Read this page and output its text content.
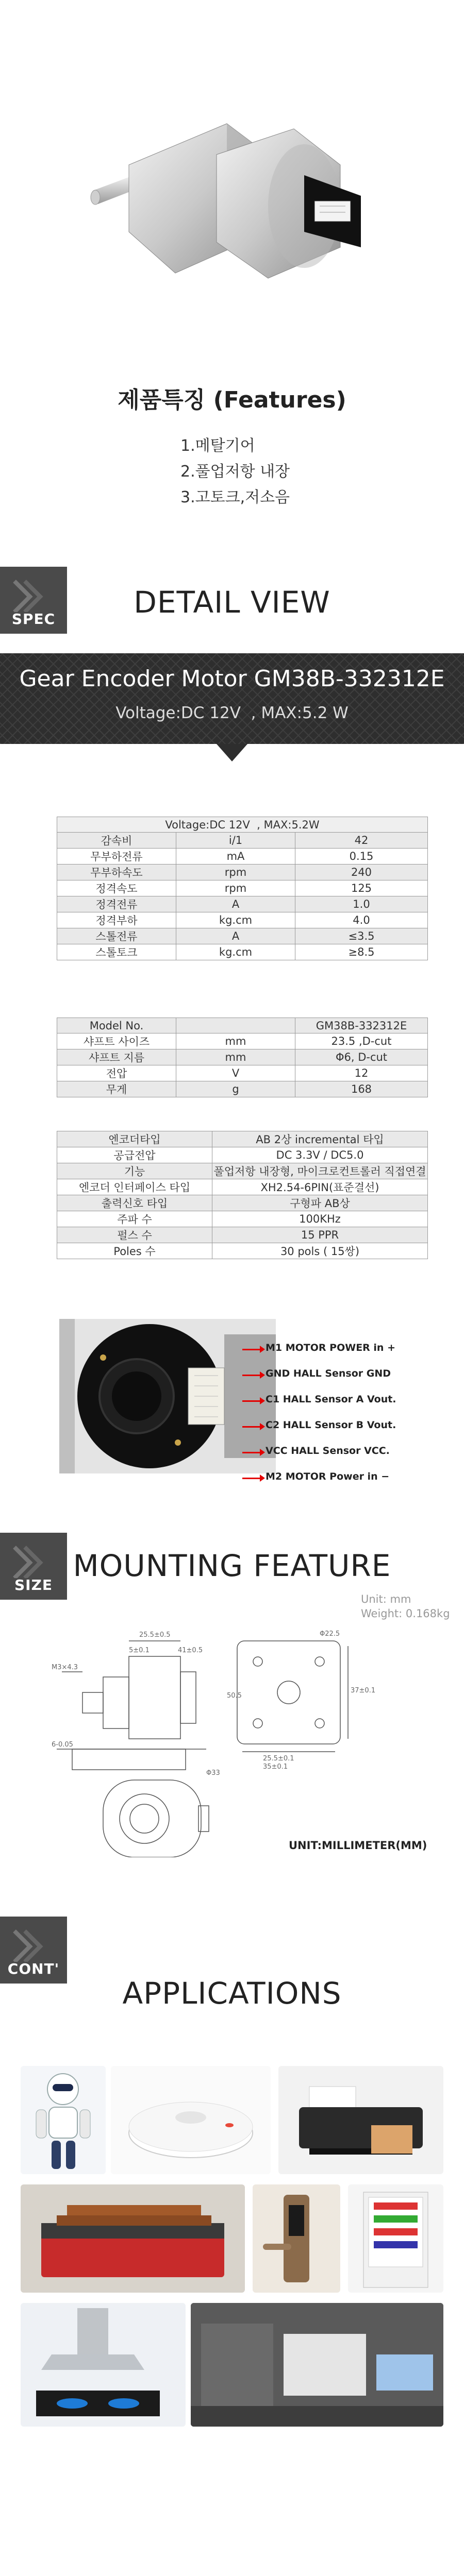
제품특징 (Features)
1.메탈기어
2.풀업저항 내장
3.고토크,저소음
SPEC	DETAIL VIEW
Gear Encoder Motor GM38B-332312E
Voltage:DC 12V  , MAX:5.2 W
Voltage:DC 12V  , MAX:5.2W		
감속비	i/1	42
무부하전류	mA	0.15
무부하속도	rpm	240
정격속도	rpm	125
정격전류	A	1.0
정격부하	kg.cm	4.0
스톨전류	A	≤3.5
스톨토크	kg.cm	≥8.5
Model No.		GM38B-332312E
샤프트 사이즈	mm	23.5 ,D-cut
샤프트 지름	mm	Φ6, D-cut
전압	V	12
무게	g	168
엔코더타입	AB 2상 incremental 타입
공급전압	DC 3.3V / DC5.0
기능	풀업저항 내장형, 마이크로컨트롤러 직접연결
엔코더 인터페이스 타입	XH2.54-6PIN(표준결선)
출력신호 타입	구형파 AB상
주파 수	100KHz
펄스 수	15 PPR
Poles 수	30 pols ( 15쌍)
M1 MOTOR POWER in +
GND HALL Sensor GND
C1 HALL Sensor A Vout.
C2 HALL Sensor B Vout.
VCC HALL Sensor VCC.
M2 MOTOR Power in −
SIZE
MOUNTING FEATURE
Unit: mm
Weight: 0.168kg
25.5±0.5
5±0.1	41±0.5
25.5±0.1
37±0.1
Φ22.5
M3×4.3
6-0.05
Φ33
50.5
35±0.1
UNIT:MILLIMETER(MM)
CONT'
APPLICATIONS
